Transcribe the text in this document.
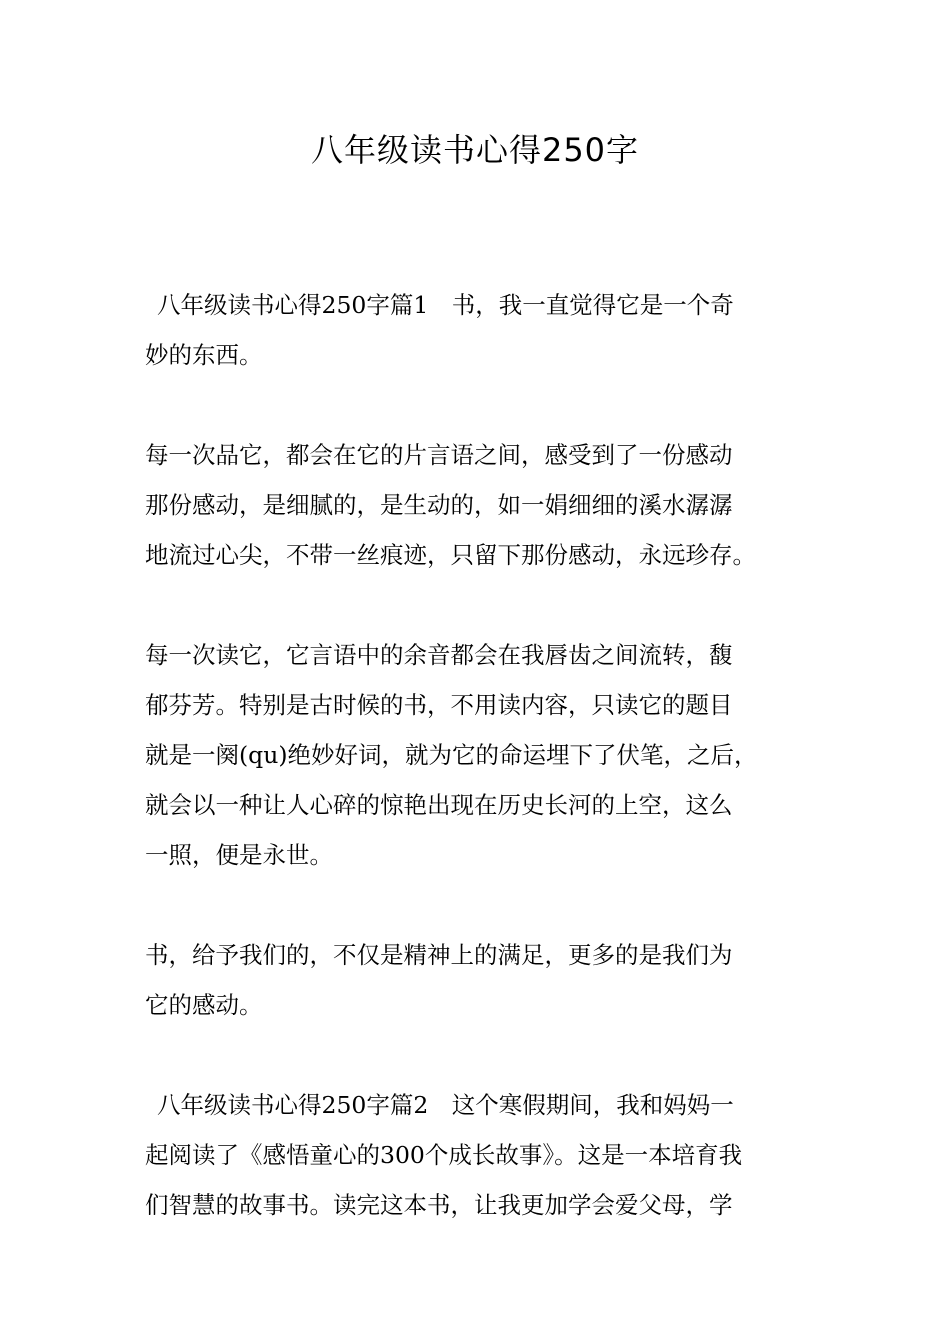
八年级读书心得250字
八年级读书心得250字篇1　书，我一直觉得它是一个奇
妙的东西。
每一次品它，都会在它的片言语之间，感受到了一份感动
那份感动，是细腻的，是生动的，如一娟细细的溪水潺潺
地流过心尖，不带一丝痕迹，只留下那份感动，永远珍存。
每一次读它，它言语中的余音都会在我唇齿之间流转，馥
郁芬芳。特别是古时候的书，不用读内容，只读它的题目
就是一阕(qu)绝妙好词，就为它的命运埋下了伏笔，之后，
就会以一种让人心碎的惊艳出现在历史长河的上空，这么
一照，便是永世。
书，给予我们的，不仅是精神上的满足，更多的是我们为
它的感动。
八年级读书心得250字篇2　这个寒假期间，我和妈妈一
起阅读了《感悟童心的300个成长故事》。这是一本培育我
们智慧的故事书。读完这本书，让我更加学会爱父母，学
